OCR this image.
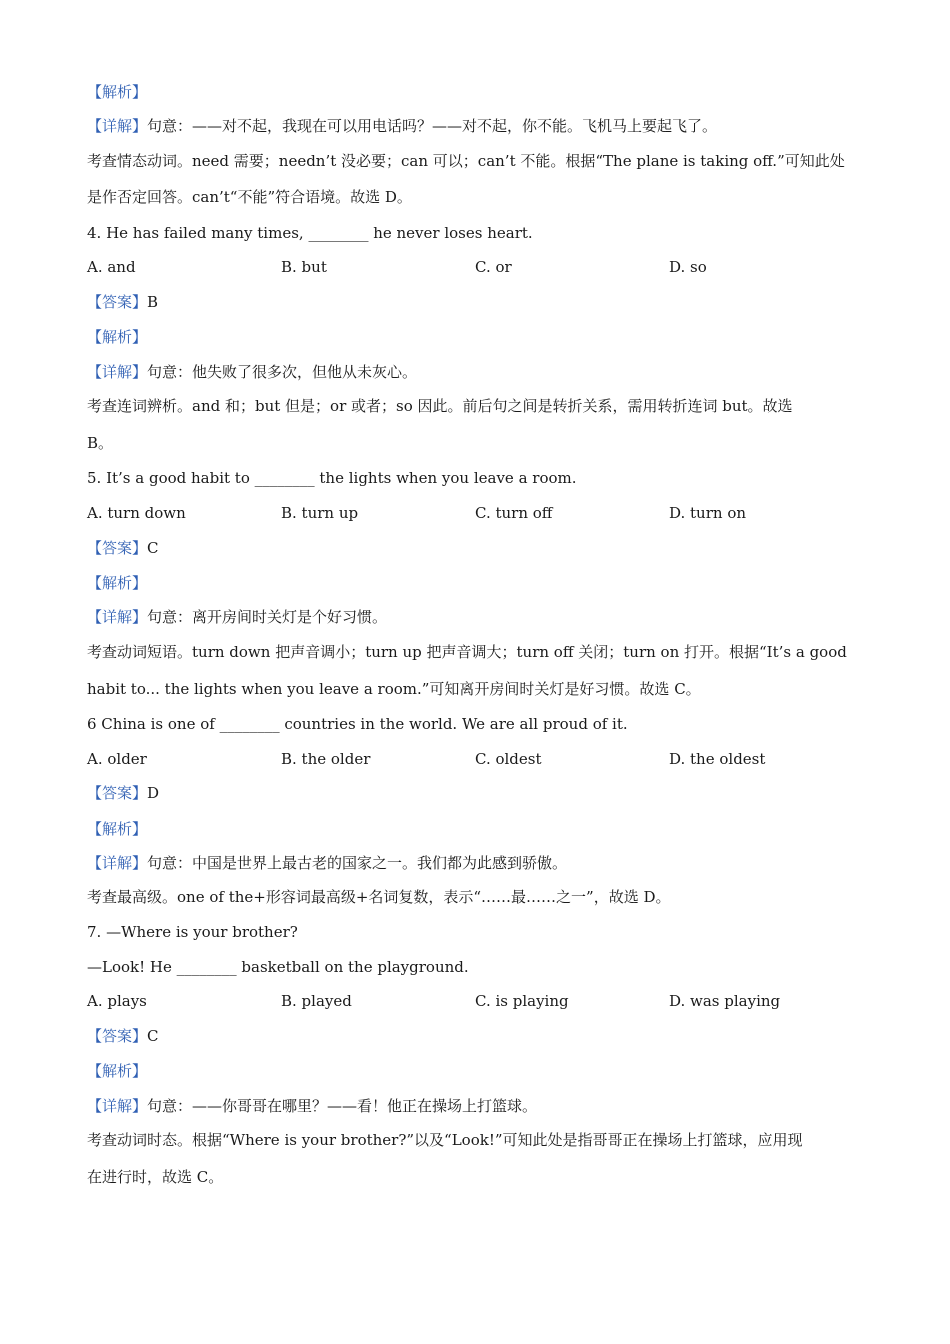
【解析】
【详解】句意：——对不起，我现在可以用电话吗？——对不起，你不能。飞机马上要起飞了。
考查情态动词。need 需要；needn’t 没必要；can 可以；can’t 不能。根据“The plane is taking off.”可知此处
是作否定回答。can’t“不能”符合语境。故选 D。
4. He has failed many times, ________ he never loses heart.
A. and	B. but	C. or	D. so
【答案】B
【解析】
【详解】句意：他失败了很多次，但他从未灰心。
考查连词辨析。and 和；but 但是；or 或者；so 因此。前后句之间是转折关系，需用转折连词 but。故选
B。
5. It’s a good habit to ________ the lights when you leave a room.
A. turn down	B. turn up	C. turn off	D. turn on
【答案】C
【解析】
【详解】句意：离开房间时关灯是个好习惯。
考查动词短语。turn down 把声音调小；turn up 把声音调大；turn off 关闭；turn on 打开。根据“It’s a good
habit to... the lights when you leave a room.”可知离开房间时关灯是好习惯。故选 C。
6 China is one of ________ countries in the world. We are all proud of it.
A. older	B. the older	C. oldest	D. the oldest
【答案】D
【解析】
【详解】句意：中国是世界上最古老的国家之一。我们都为此感到骄傲。
考查最高级。one of the+形容词最高级+名词复数，表示“……最……之一”，故选 D。
7. —Where is your brother?
—Look! He ________ basketball on the playground.
A. plays	B. played	C. is playing	D. was playing
【答案】C
【解析】
【详解】句意：——你哥哥在哪里？——看！他正在操场上打篮球。
考查动词时态。根据“Where is your brother?”以及“Look!”可知此处是指哥哥正在操场上打篮球，应用现
在进行时，故选 C。
